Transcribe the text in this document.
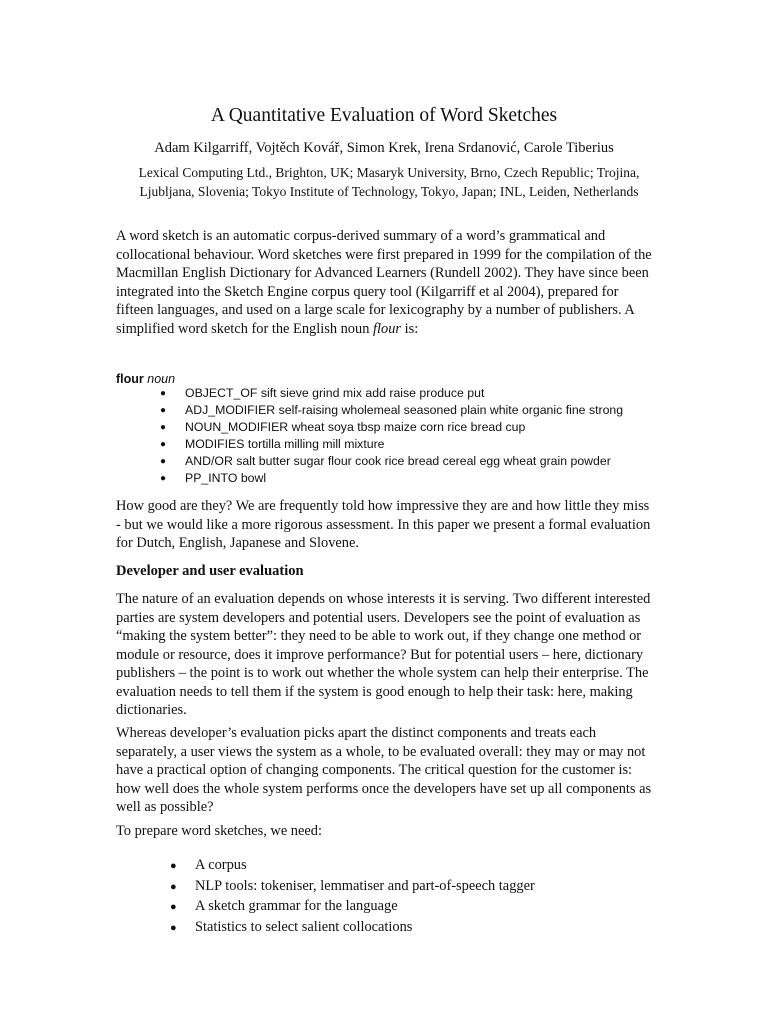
A Quantitative Evaluation of Word Sketches
Adam Kilgarriff, Vojtěch Kovář, Simon Krek, Irena Srdanović, Carole Tiberius
Lexical Computing Ltd., Brighton, UK; Masaryk University, Brno, Czech Republic; Trojina, Ljubljana, Slovenia; Tokyo Institute of Technology, Tokyo, Japan; INL, Leiden, Netherlands

A word sketch is an automatic corpus-derived summary of a word’s grammatical and collocational behaviour. Word sketches were first prepared in 1999 for the compilation of the Macmillan English Dictionary for Advanced Learners (Rundell 2002). They have since been integrated into the Sketch Engine corpus query tool (Kilgarriff et al 2004), prepared for fifteen languages, and used on a large scale for lexicography by a number of publishers. A simplified word sketch for the English noun flour is:

flour noun
● OBJECT_OF sift sieve grind mix add raise produce put
● ADJ_MODIFIER self-raising wholemeal seasoned plain white organic fine strong
● NOUN_MODIFIER wheat soya tbsp maize corn rice bread cup
● MODIFIES tortilla milling mill mixture
● AND/OR salt butter sugar flour cook rice bread cereal egg wheat grain powder
● PP_INTO bowl

How good are they? We are frequently told how impressive they are and how little they miss - but we would like a more rigorous assessment. In this paper we present a formal evaluation for Dutch, English, Japanese and Slovene.

Developer and user evaluation

The nature of an evaluation depends on whose interests it is serving. Two different interested parties are system developers and potential users. Developers see the point of evaluation as “making the system better”: they need to be able to work out, if they change one method or module or resource, does it improve performance? But for potential users – here, dictionary publishers – the point is to work out whether the whole system can help their enterprise. The evaluation needs to tell them if the system is good enough to help their task: here, making dictionaries.

Whereas developer’s evaluation picks apart the distinct components and treats each separately, a user views the system as a whole, to be evaluated overall: they may or may not have a practical option of changing components. The critical question for the customer is: how well does the whole system performs once the developers have set up all components as well as possible?

To prepare word sketches, we need:

● A corpus
● NLP tools: tokeniser, lemmatiser and part-of-speech tagger
● A sketch grammar for the language
● Statistics to select salient collocations
